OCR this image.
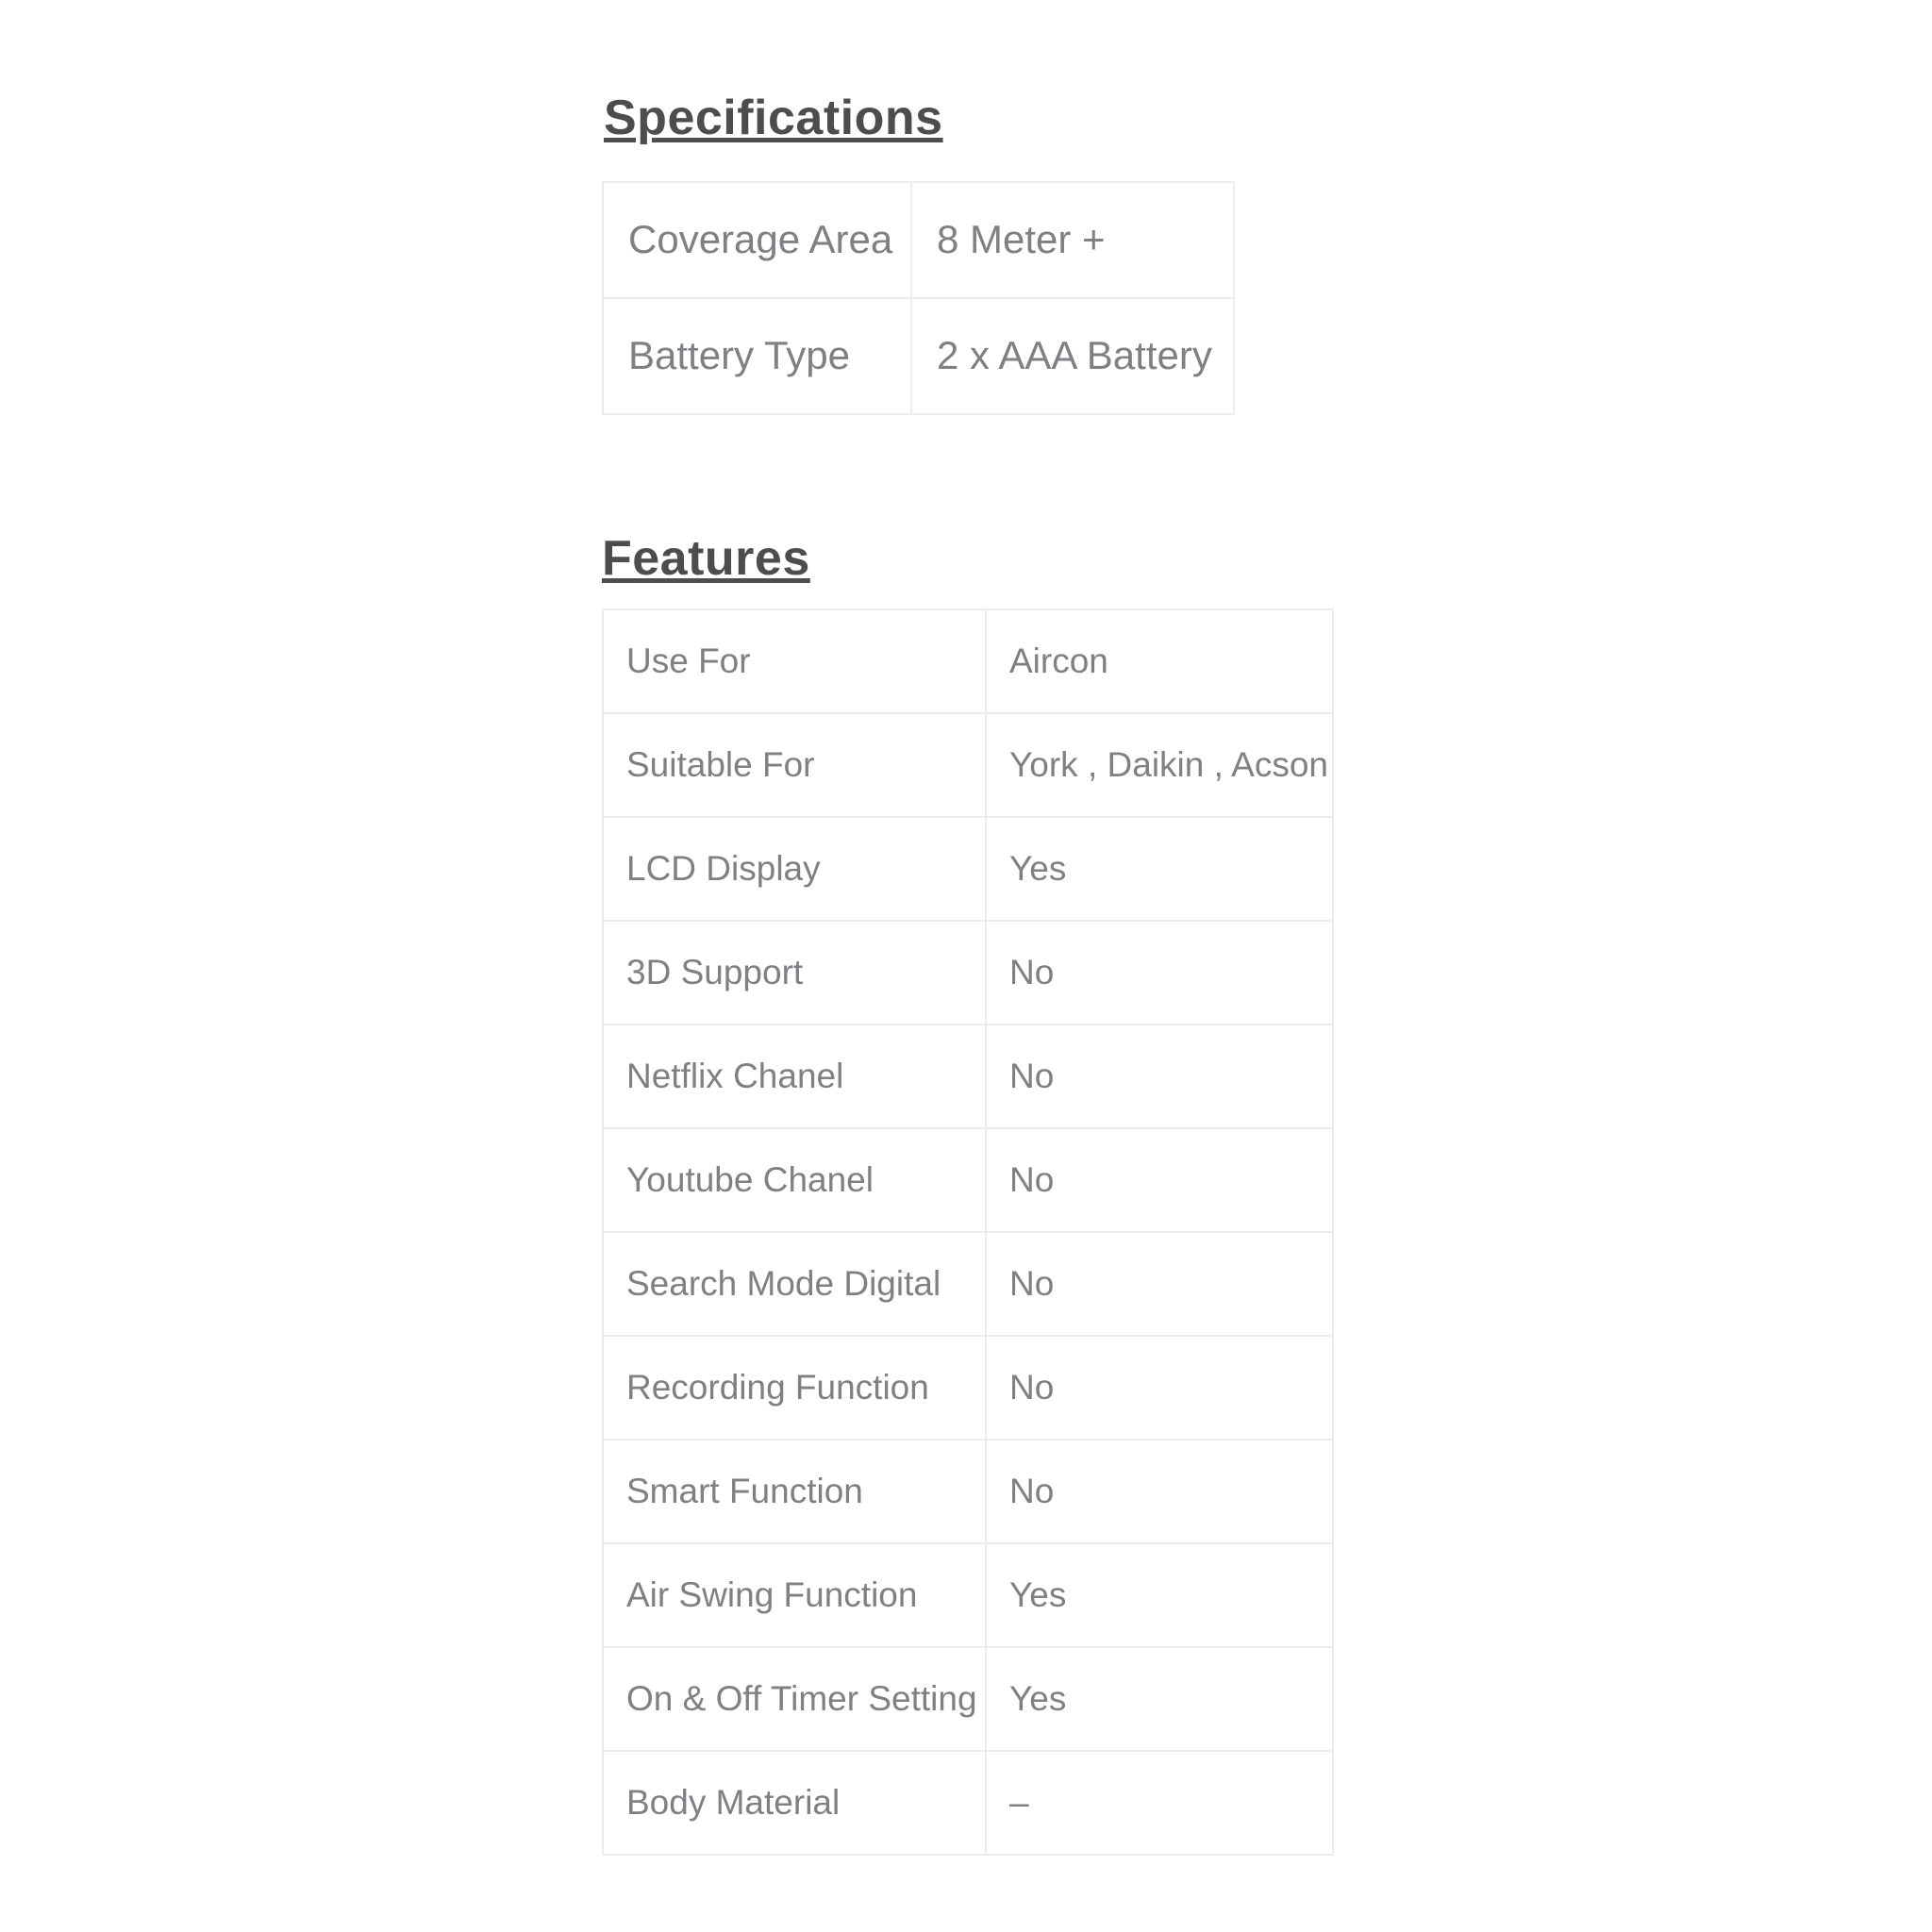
Specifications
Coverage Area	8 Meter +
Battery Type	2 x AAA Battery
Features
Use For	Aircon
Suitable For	York , Daikin , Acson
LCD Display	Yes
3D Support	No
Netflix Chanel	No
Youtube Chanel	No
Search Mode Digital	No
Recording Function	No
Smart Function	No
Air Swing Function	Yes
On & Off Timer Setting	Yes
Body Material	–
